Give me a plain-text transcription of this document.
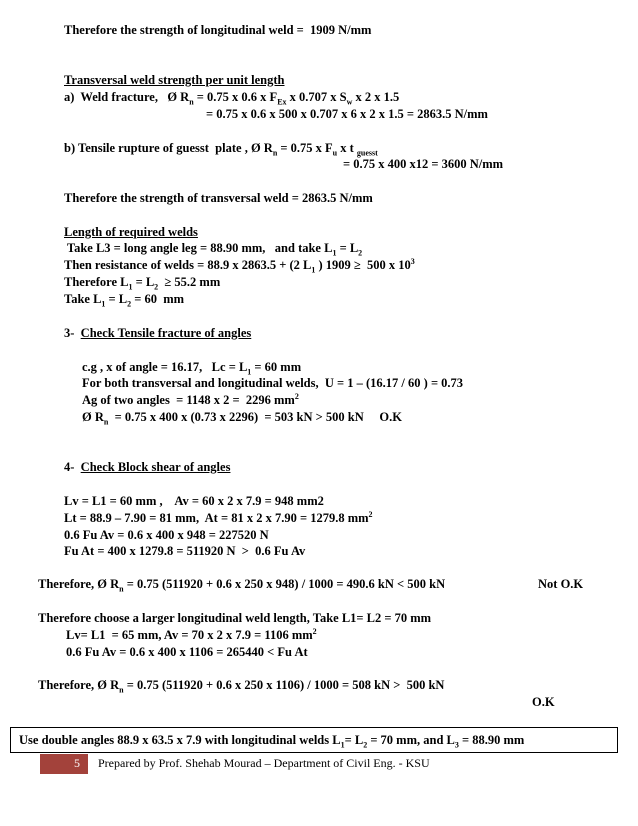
Therefore the strength of longitudinal weld =  1909 N/mm
Transversal weld strength per unit length
a)  Weld fracture,   Ø $R_n = 0.75$ x 0.6 x $F_{Ex}$ x 0.707 x $S_w$ x 2 x 1.5
= 0.75 x 0.6 x 500 x 0.707 x 6 x 2 x 1.5 = 2863.5 N/mm
b) Tensile rupture of guesst  plate , Ø $R_n = 0.75$ x $F_u$ x t $_{guesst}$
= 0.75 x 400 x12 = 3600 N/mm
Therefore the strength of transversal weld = 2863.5 N/mm
Length of required welds
Take L3 = long angle leg = 88.90 mm,   and take $L_1 = L_2$
Then resistance of welds = 88.9 x 2863.5 + (2 $L_1$ ) 1909 ≥  500 x $10^3$
Therefore $L_1 = L_2 \ge 55.2$ mm
Take $L_1 = L_2 = 60$  mm
3-  Check Tensile fracture of angles
c.g , x of angle = 16.17,   $Lc = L_1 = 60$ mm
For both transversal and longitudinal welds,  U = 1 – (16.17 / 60 ) = 0.73
Ag of two angles  = 1148 x 2 =  2296 $mm^2$
Ø $R_n = 0.75$ x 400 x (0.73 x 2296)  = 503 kN > 500 kN     O.K
4-  Check Block shear of angles
Lv = L1 = 60 mm ,    Av = 60 x 2 x 7.9 = 948 mm2
Lt = 88.9 – 7.90 = 81 mm,  At = 81 x 2 x 7.90 = 1279.8 $mm^2$
0.6 Fu Av = 0.6 x 400 x 948 = 227520 N
Fu At = 400 x 1279.8 = 511920 N  >  0.6 Fu Av
Therefore, Ø $R_n = 0.75$ (511920 + 0.6 x 250 x 948) / 1000 = 490.6 kN < 500 kN	Not O.K
Therefore choose a larger longitudinal weld length, Take L1= L2 = 70 mm
Lv= L1  = 65 mm, Av = 70 x 2 x 7.9 = 1106 $mm^2$
0.6 Fu Av = 0.6 x 400 x 1106 = 265440 < Fu At
Therefore, Ø $R_n = 0.75$ (511920 + 0.6 x 250 x 1106) / 1000 = 508 kN >  500 kN
O.K
Use double angles 88.9 x 63.5 x 7.9 with longitudinal welds $L_1= L_2 = 70$ mm, and $L_3 = 88.90$ mm
5 Prepared by Prof. Shehab Mourad – Department of Civil Eng. - KSU
